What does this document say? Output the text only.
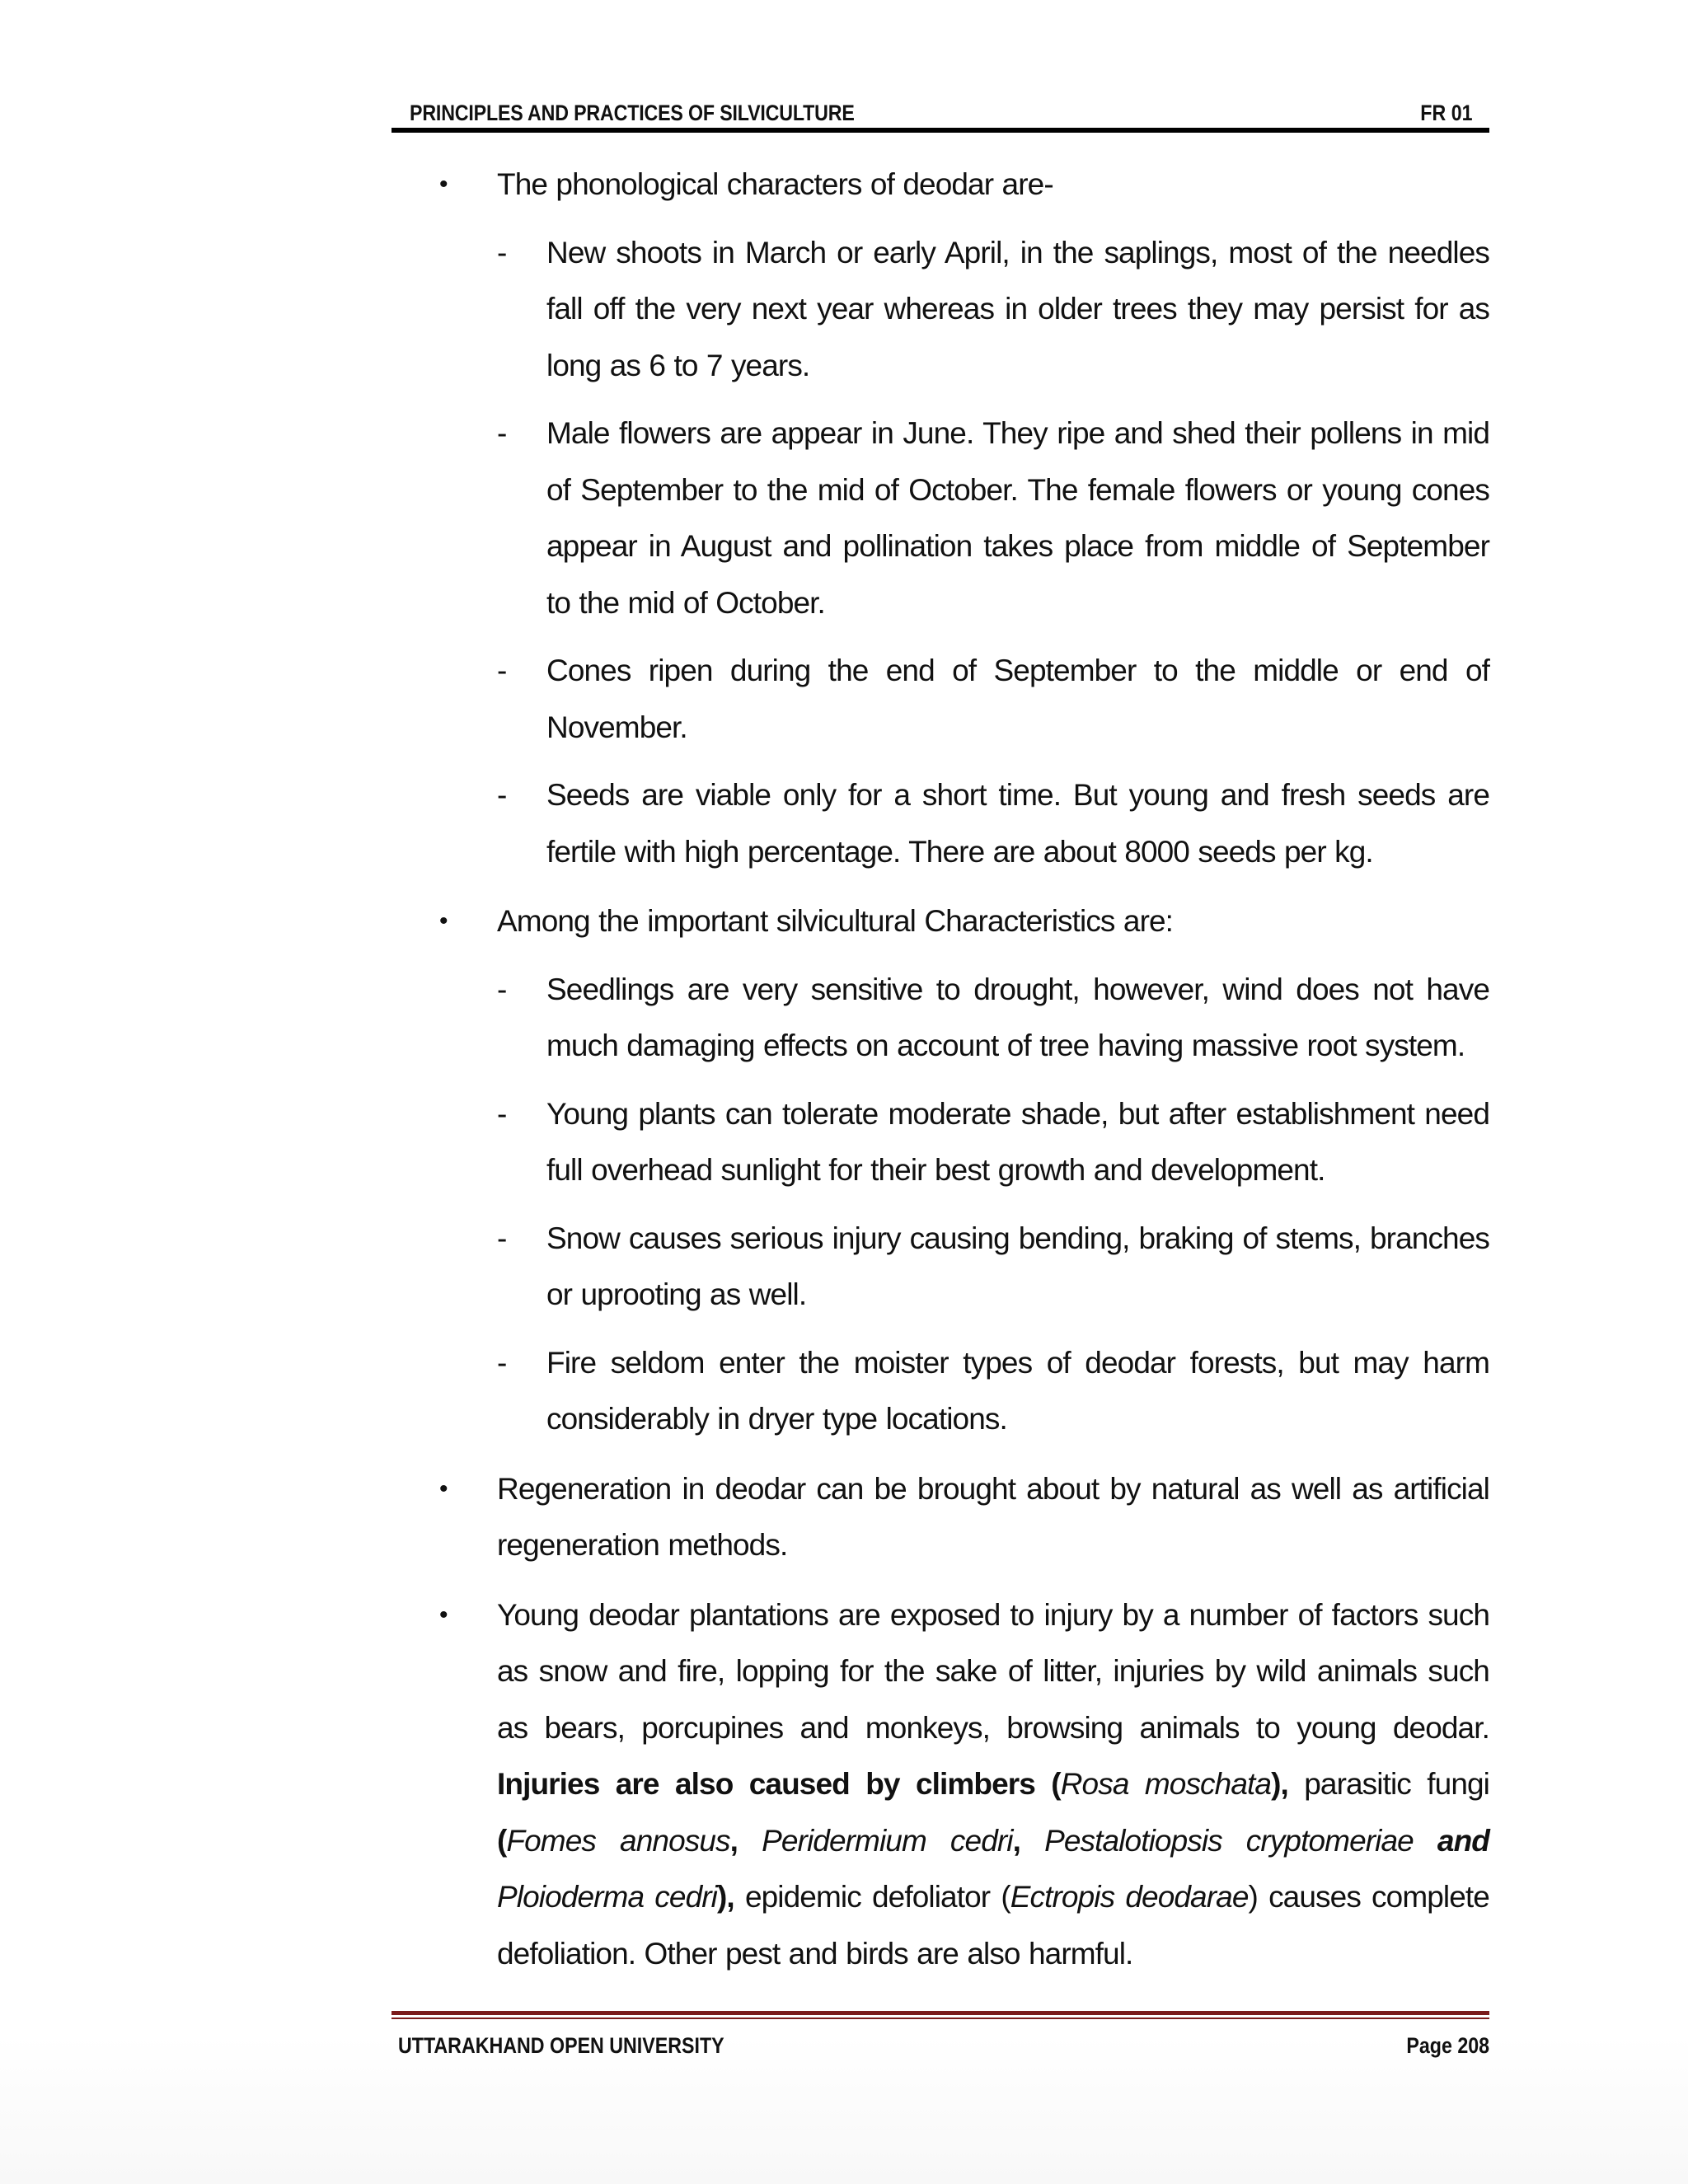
PRINCIPLES AND PRACTICES OF SILVICULTURE	FR 01
• The phonological characters of deodar are-
- New shoots in March or early April, in the saplings, most of the needles fall off the very next year whereas in older trees they may persist for as long as 6 to 7 years.
- Male flowers are appear in June. They ripe and shed their pollens in mid of September to the mid of October. The female flowers or young cones appear in August and pollination takes place from middle of September to the mid of October.
- Cones ripen during the end of September to the middle or end of November.
- Seeds are viable only for a short time. But young and fresh seeds are fertile with high percentage. There are about 8000 seeds per kg.
• Among the important silvicultural Characteristics are:
- Seedlings are very sensitive to drought, however, wind does not have much damaging effects on account of tree having massive root system.
- Young plants can tolerate moderate shade, but after establishment need full overhead sunlight for their best growth and development.
- Snow causes serious injury causing bending, braking of stems, branches or uprooting as well.
- Fire seldom enter the moister types of deodar forests, but may harm considerably in dryer type locations.
• Regeneration in deodar can be brought about by natural as well as artificial regeneration methods.
• Young deodar plantations are exposed to injury by a number of factors such as snow and fire, lopping for the sake of litter, injuries by wild animals such as bears, porcupines and monkeys, browsing animals to young deodar. Injuries are also caused by climbers (Rosa moschata), parasitic fungi (Fomes annosus, Peridermium cedri, Pestalotiopsis cryptomeriae and Ploioderma cedri), epidemic defoliator (Ectropis deodarae) causes complete defoliation. Other pest and birds are also harmful.
UTTARAKHAND OPEN UNIVERSITY	Page 208
